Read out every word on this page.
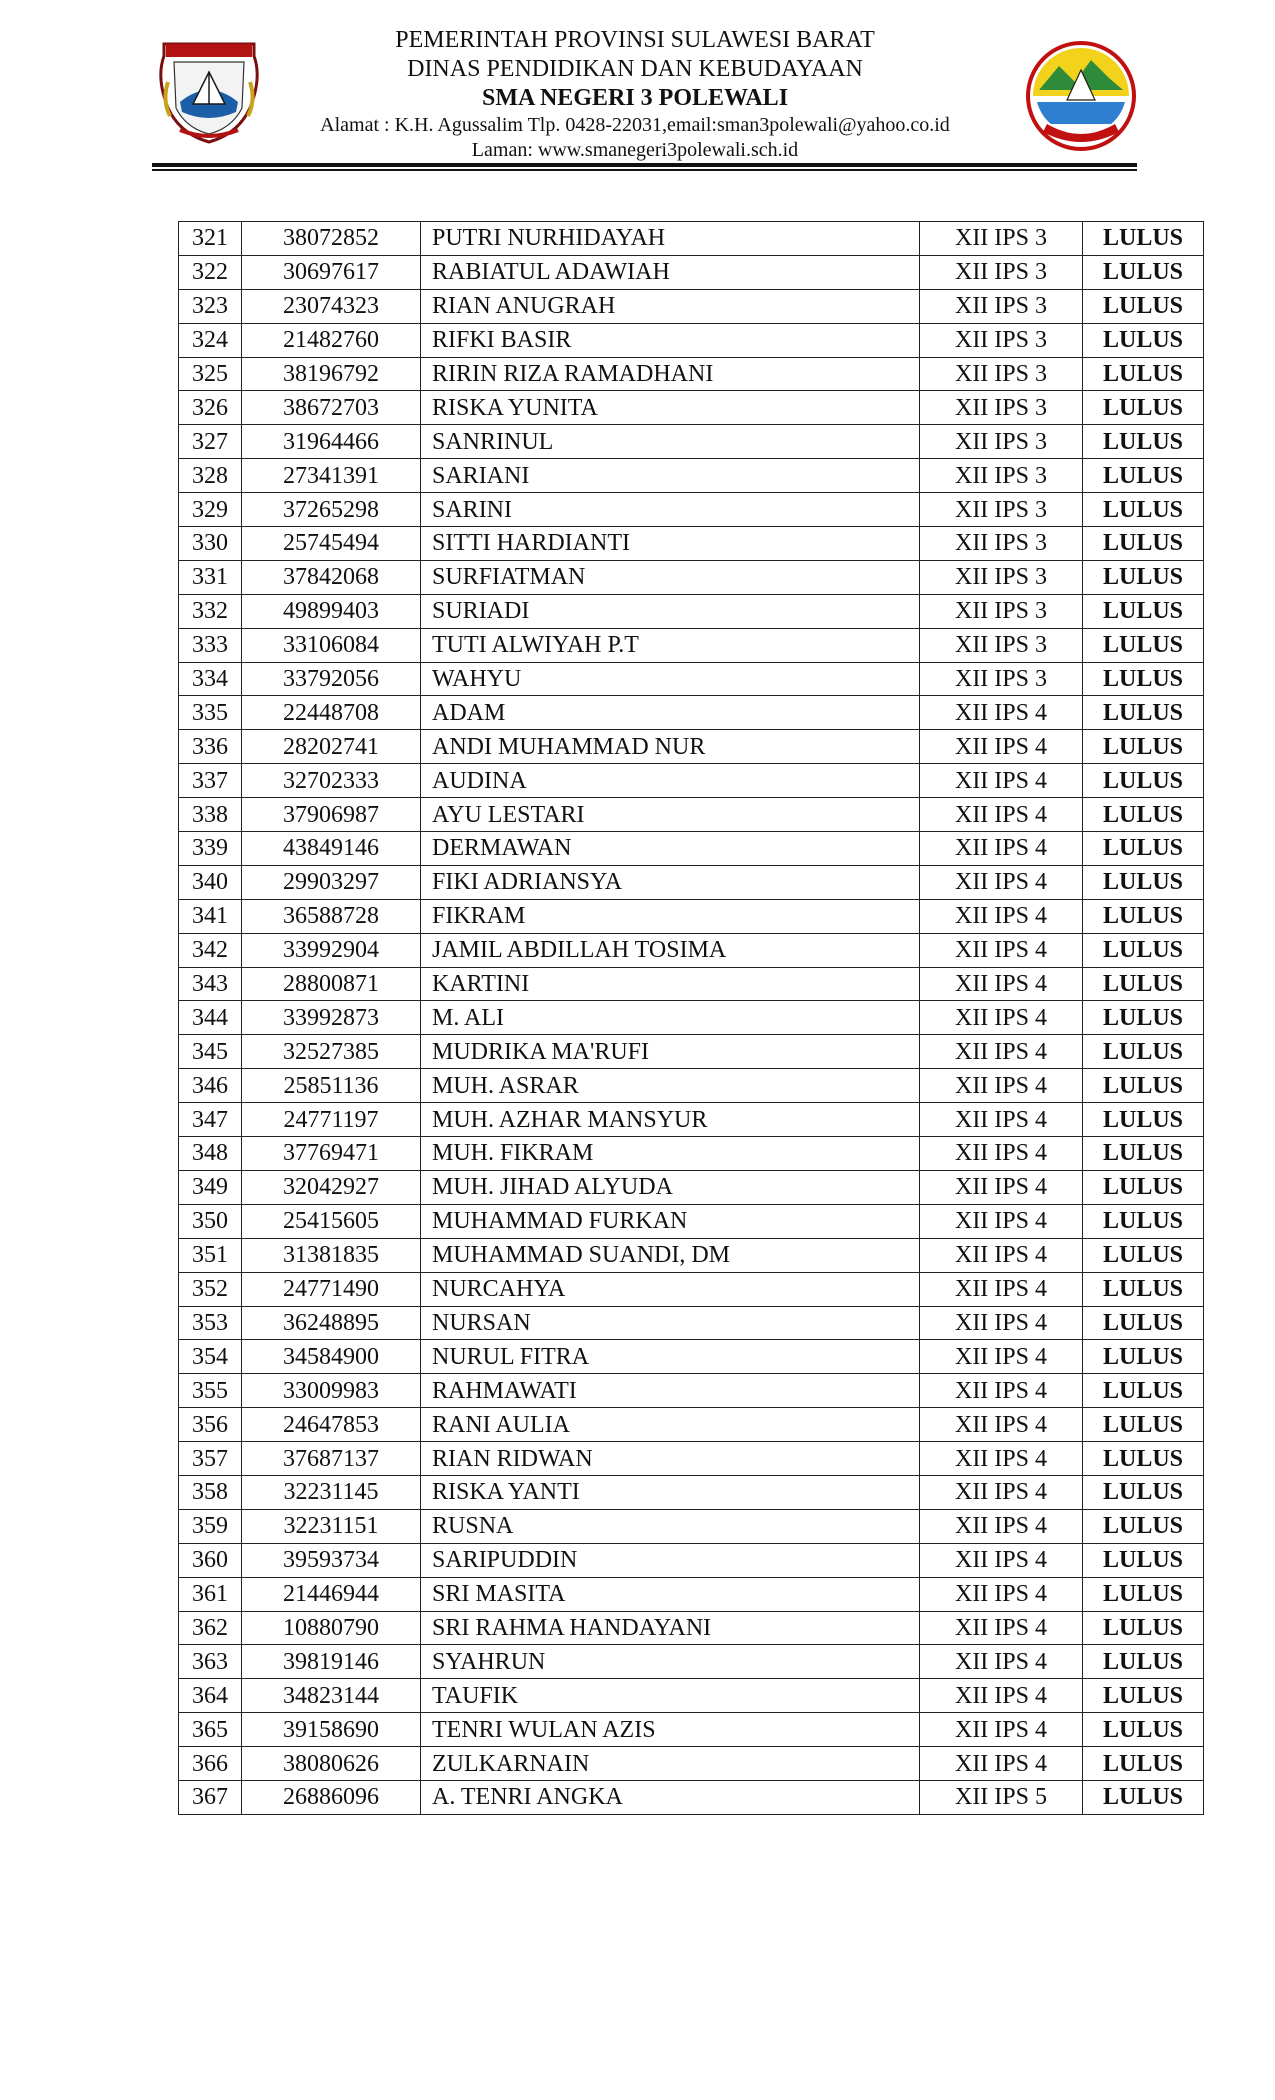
PEMERINTAH PROVINSI SULAWESI BARAT
DINAS PENDIDIKAN DAN KEBUDAYAAN
SMA NEGERI 3 POLEWALI
Alamat : K.H. Agussalim Tlp. 0428-22031,email:sman3polewali@yahoo.co.id
Laman: www.smanegeri3polewali.sch.id
321	38072852	PUTRI NURHIDAYAH	XII IPS 3	LULUS
322	30697617	RABIATUL ADAWIAH	XII IPS 3	LULUS
323	23074323	RIAN ANUGRAH	XII IPS 3	LULUS
324	21482760	RIFKI BASIR	XII IPS 3	LULUS
325	38196792	RIRIN RIZA RAMADHANI	XII IPS 3	LULUS
326	38672703	RISKA YUNITA	XII IPS 3	LULUS
327	31964466	SANRINUL	XII IPS 3	LULUS
328	27341391	SARIANI	XII IPS 3	LULUS
329	37265298	SARINI	XII IPS 3	LULUS
330	25745494	SITTI HARDIANTI	XII IPS 3	LULUS
331	37842068	SURFIATMAN	XII IPS 3	LULUS
332	49899403	SURIADI	XII IPS 3	LULUS
333	33106084	TUTI ALWIYAH P.T	XII IPS 3	LULUS
334	33792056	WAHYU	XII IPS 3	LULUS
335	22448708	ADAM	XII IPS 4	LULUS
336	28202741	ANDI MUHAMMAD NUR	XII IPS 4	LULUS
337	32702333	AUDINA	XII IPS 4	LULUS
338	37906987	AYU LESTARI	XII IPS 4	LULUS
339	43849146	DERMAWAN	XII IPS 4	LULUS
340	29903297	FIKI ADRIANSYA	XII IPS 4	LULUS
341	36588728	FIKRAM	XII IPS 4	LULUS
342	33992904	JAMIL ABDILLAH TOSIMA	XII IPS 4	LULUS
343	28800871	KARTINI	XII IPS 4	LULUS
344	33992873	M. ALI	XII IPS 4	LULUS
345	32527385	MUDRIKA MA'RUFI	XII IPS 4	LULUS
346	25851136	MUH. ASRAR	XII IPS 4	LULUS
347	24771197	MUH. AZHAR MANSYUR	XII IPS 4	LULUS
348	37769471	MUH. FIKRAM	XII IPS 4	LULUS
349	32042927	MUH. JIHAD ALYUDA	XII IPS 4	LULUS
350	25415605	MUHAMMAD FURKAN	XII IPS 4	LULUS
351	31381835	MUHAMMAD SUANDI, DM	XII IPS 4	LULUS
352	24771490	NURCAHYA	XII IPS 4	LULUS
353	36248895	NURSAN	XII IPS 4	LULUS
354	34584900	NURUL FITRA	XII IPS 4	LULUS
355	33009983	RAHMAWATI	XII IPS 4	LULUS
356	24647853	RANI AULIA	XII IPS 4	LULUS
357	37687137	RIAN RIDWAN	XII IPS 4	LULUS
358	32231145	RISKA YANTI	XII IPS 4	LULUS
359	32231151	RUSNA	XII IPS 4	LULUS
360	39593734	SARIPUDDIN	XII IPS 4	LULUS
361	21446944	SRI MASITA	XII IPS 4	LULUS
362	10880790	SRI RAHMA HANDAYANI	XII IPS 4	LULUS
363	39819146	SYAHRUN	XII IPS 4	LULUS
364	34823144	TAUFIK	XII IPS 4	LULUS
365	39158690	TENRI WULAN AZIS	XII IPS 4	LULUS
366	38080626	ZULKARNAIN	XII IPS 4	LULUS
367	26886096	A. TENRI ANGKA	XII IPS 5	LULUS
